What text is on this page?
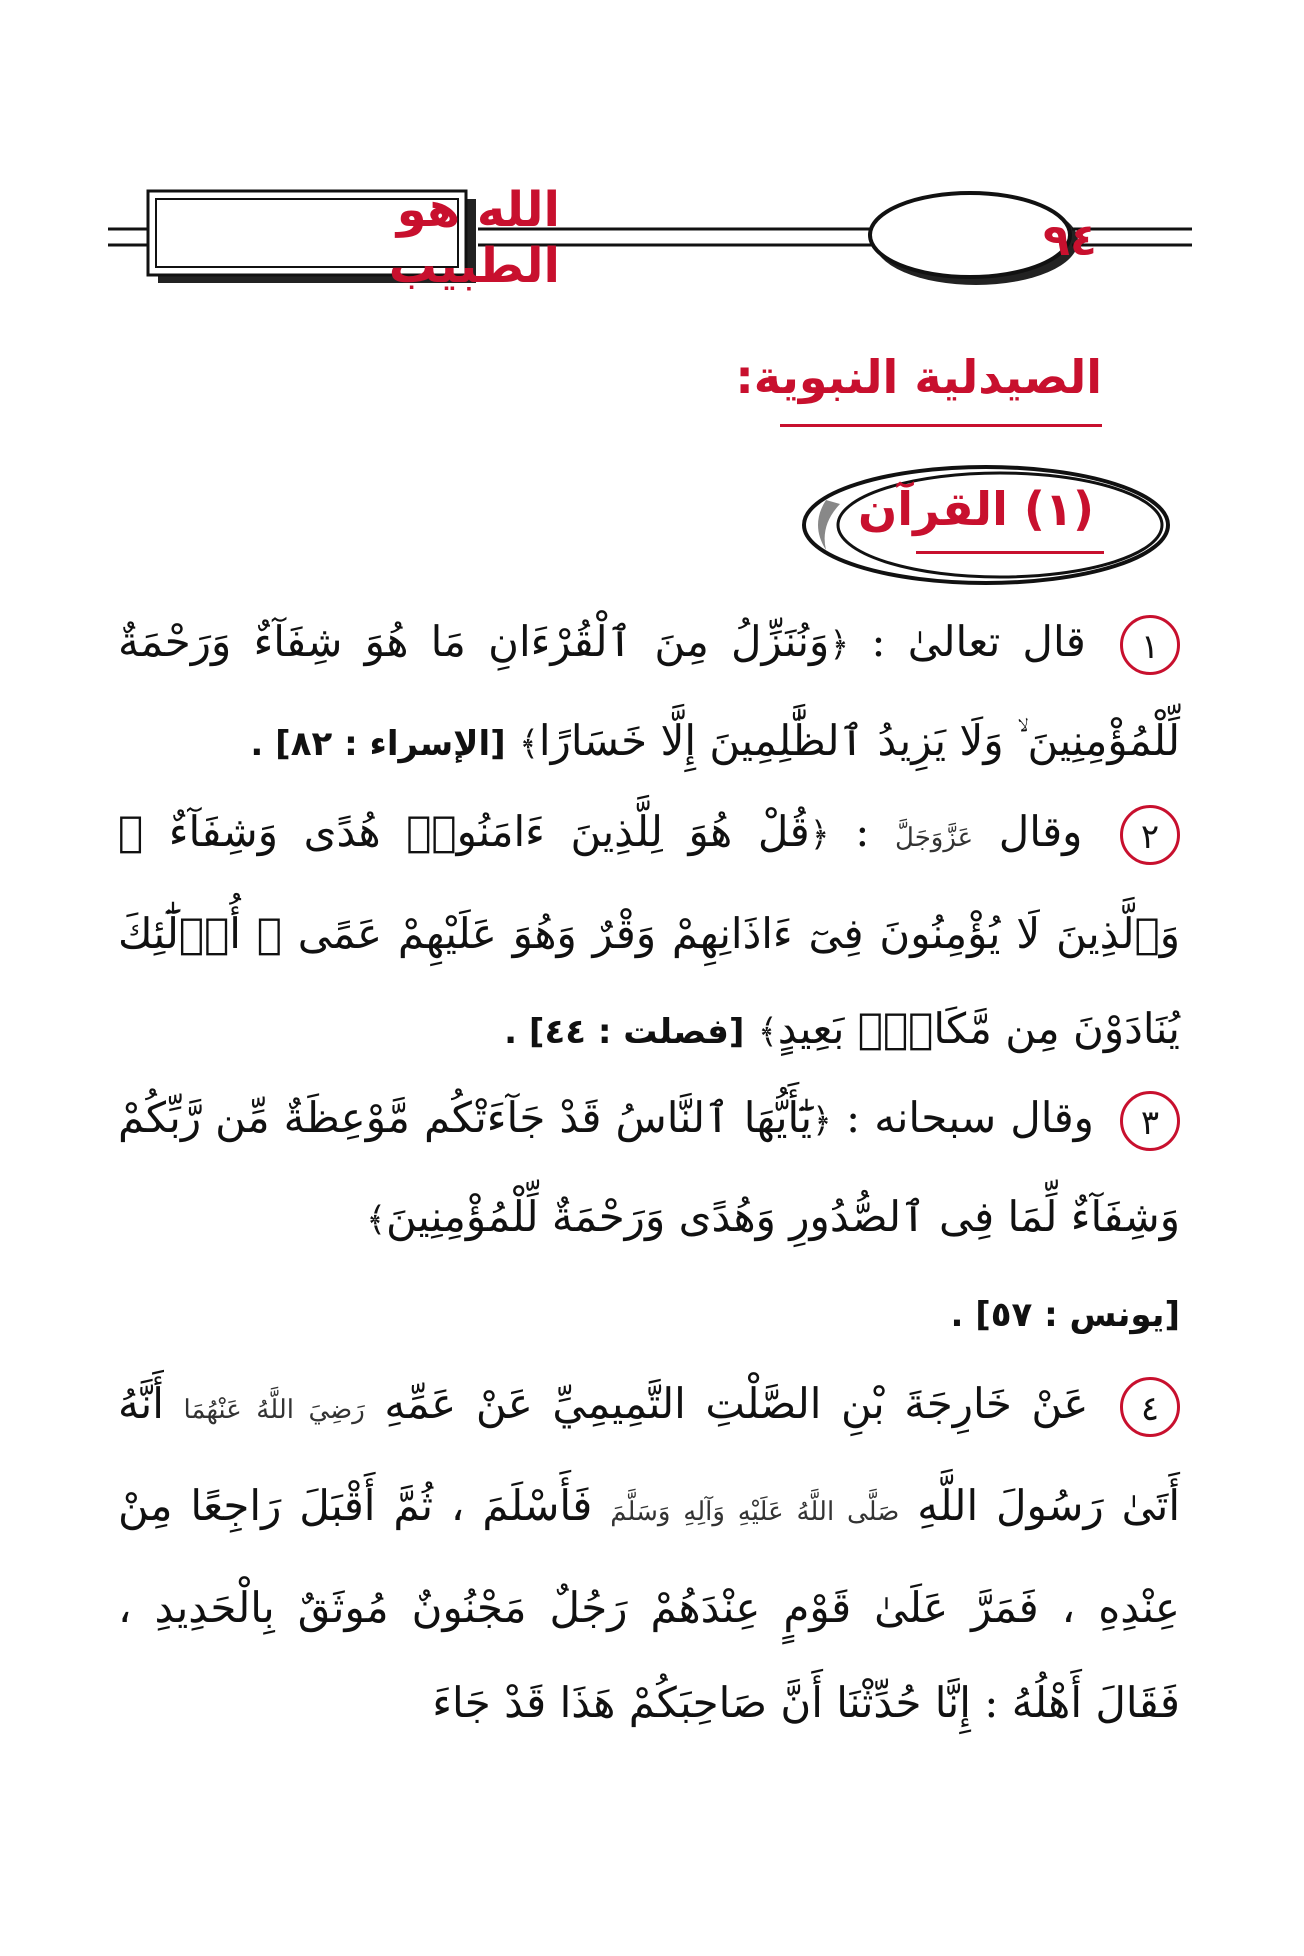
الله هو الطبيب	٩٤
الصيدلية النبوية:
(١) القرآن
١ قال تعالىٰ : ﴿وَنُنَزِّلُ مِنَ ٱلْقُرْءَانِ مَا هُوَ شِفَآءٌ وَرَحْمَةٌ لِّلْمُؤْمِنِينَ ۙ وَلَا يَزِيدُ ٱلظَّٰلِمِينَ إِلَّا خَسَارًا﴾ [الإسراء : ٨٢] .
٢ وقال عَزَّوَجَلَّ : ﴿قُلْ هُوَ لِلَّذِينَ ءَامَنُوا۟ هُدًى وَشِفَآءٌ ۖ وَٱلَّذِينَ لَا يُؤْمِنُونَ فِىٓ ءَاذَانِهِمْ وَقْرٌ وَهُوَ عَلَيْهِمْ عَمًى ۚ أُو۟لَٰٓئِكَ يُنَادَوْنَ مِن مَّكَانٍۭ بَعِيدٍ﴾ [فصلت : ٤٤] .
٣ وقال سبحانه : ﴿يَٰٓأَيُّهَا ٱلنَّاسُ قَدْ جَآءَتْكُم مَّوْعِظَةٌ مِّن رَّبِّكُمْ وَشِفَآءٌ لِّمَا فِى ٱلصُّدُورِ وَهُدًى وَرَحْمَةٌ لِّلْمُؤْمِنِينَ﴾
[يونس : ٥٧] .
٤ عَنْ خَارِجَةَ بْنِ الصَّلْتِ التَّمِيمِيِّ عَنْ عَمِّهِ رَضِيَ اللَّهُ عَنْهُمَا أَنَّهُ أَتَىٰ رَسُولَ اللَّهِ صَلَّى اللَّهُ عَلَيْهِ وَآلِهِ وَسَلَّمَ فَأَسْلَمَ ، ثُمَّ أَقْبَلَ رَاجِعًا مِنْ عِنْدِهِ ، فَمَرَّ عَلَىٰ قَوْمٍ عِنْدَهُمْ رَجُلٌ مَجْنُونٌ مُوثَقٌ بِالْحَدِيدِ ، فَقَالَ أَهْلُهُ : إِنَّا حُدِّثْنَا أَنَّ صَاحِبَكُمْ هَذَا قَدْ جَاءَ
